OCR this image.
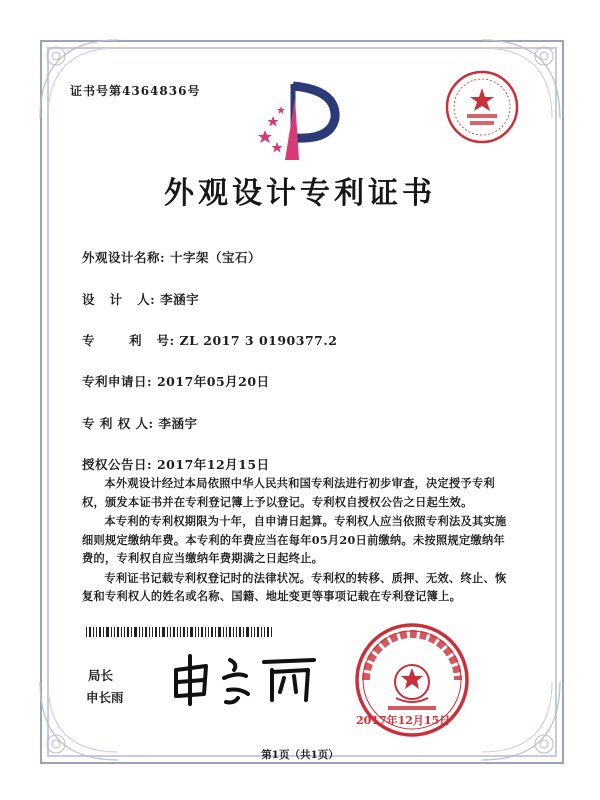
证书号第4364836号
外观设计专利证书
外观设计名称: 十字架（宝石）
设   计   人: 李涵宇
专       利   号: ZL 2017 3 0190377.2
专利申请日: 2017年05月20日
专 利 权 人: 李涵宇
授权公告日: 2017年12月15日

本外观设计经过本局依照中华人民共和国专利法进行初步审查，决定授予专利权，颁发本证书并在专利登记簿上予以登记。专利权自授权公告之日起生效。

本专利的专利权期限为十年，自申请日起算。专利权人应当依照专利法及其实施细则规定缴纳年费。本专利的年费应当在每年05月20日前缴纳。未按照规定缴纳年费的，专利权自应当缴纳年费期满之日起终止。

专利证书记载专利权登记时的法律状况。专利权的转移、质押、无效、终止、恢复和专利权人的姓名或名称、国籍、地址变更等事项记载在专利登记簿上。

局长
申长雨
2017年12月15日
第1页（共1页）
